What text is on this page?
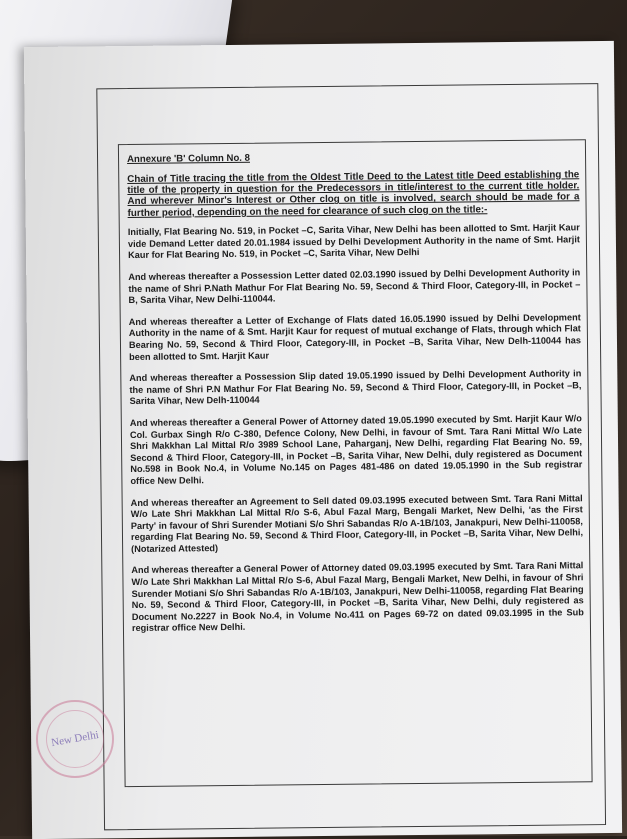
Annexure 'B' Column No. 8

Chain of Title tracing the title from the Oldest Title Deed to the Latest title Deed establishing the title of the property in question for the Predecessors in title/interest to the current title holder. And wherever Minor's Interest or Other clog on title is involved, search should be made for a further period, depending on the need for clearance of such clog on the title:-

Initially, Flat Bearing No. 519, in Pocket –C, Sarita Vihar, New Delhi has been allotted to Smt. Harjit Kaur vide Demand Letter dated 20.01.1984 issued by Delhi Development Authority in the name of Smt. Harjit Kaur for Flat Bearing No. 519, in Pocket –C, Sarita Vihar, New Delhi

And whereas thereafter a Possession Letter dated 02.03.1990 issued by Delhi Development Authority in the name of Shri P.Nath Mathur For Flat Bearing No. 59, Second & Third Floor, Category-III, in Pocket –B, Sarita Vihar, New Delhi-110044.

And whereas thereafter a Letter of Exchange of Flats dated 16.05.1990 issued by Delhi Development Authority in the name of & Smt. Harjit Kaur for request of mutual exchange of Flats, through which Flat Bearing No. 59, Second & Third Floor, Category-III, in Pocket –B, Sarita Vihar, New Delh-110044 has been allotted to Smt. Harjit Kaur

And whereas thereafter a Possession Slip dated 19.05.1990 issued by Delhi Development Authority in the name of Shri P.N Mathur For Flat Bearing No. 59, Second & Third Floor, Category-III, in Pocket –B, Sarita Vihar, New Delh-110044

And whereas thereafter a General Power of Attorney dated 19.05.1990 executed by Smt. Harjit Kaur W/o Col. Gurbax Singh R/o C-380, Defence Colony, New Delhi, in favour of Smt. Tara Rani Mittal W/o Late Shri Makkhan Lal Mittal R/o 3989 School Lane, Paharganj, New Delhi, regarding Flat Bearing No. 59, Second & Third Floor, Category-III, in Pocket –B, Sarita Vihar, New Delhi, duly registered as Document No.598 in Book No.4, in Volume No.145 on Pages 481-486 on dated 19.05.1990 in the Sub registrar office New Delhi.

And whereas thereafter an Agreement to Sell dated 09.03.1995 executed between Smt. Tara Rani Mittal W/o Late Shri Makkhan Lal Mittal R/o S-6, Abul Fazal Marg, Bengali Market, New Delhi, 'as the First Party' in favour of Shri Surender Motiani S/o Shri Sabandas R/o A-1B/103, Janakpuri, New Delhi-110058, regarding Flat Bearing No. 59, Second & Third Floor, Category-III, in Pocket –B, Sarita Vihar, New Delhi, (Notarized Attested)

And whereas thereafter a General Power of Attorney dated 09.03.1995 executed by Smt. Tara Rani Mittal W/o Late Shri Makkhan Lal Mittal R/o S-6, Abul Fazal Marg, Bengali Market, New Delhi, in favour of Shri Surender Motiani S/o Shri Sabandas R/o A-1B/103, Janakpuri, New Delhi-110058, regarding Flat Bearing No. 59, Second & Third Floor, Category-III, in Pocket –B, Sarita Vihar, New Delhi, duly registered as Document No.2227 in Book No.4, in Volume No.411 on Pages 69-72 on dated 09.03.1995 in the Sub registrar office New Delhi.

New Delhi
